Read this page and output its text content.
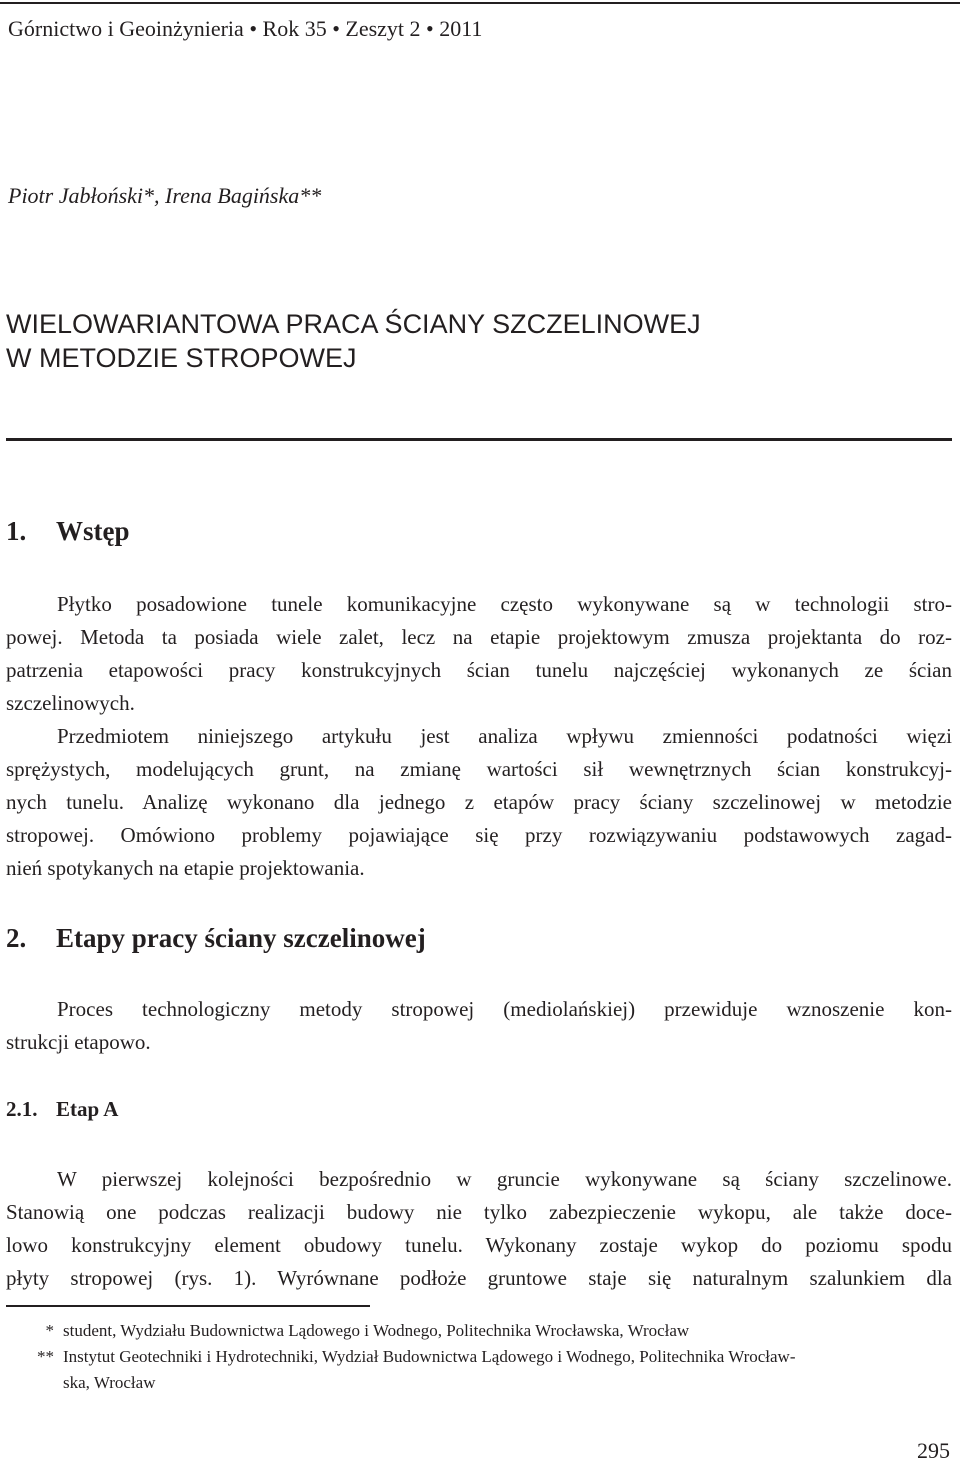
Górnictwo i Geoinżynieria • Rok 35 • Zeszyt 2 • 2011
Piotr Jabłoński*, Irena Bagińska**
WIELOWARIANTOWA PRACA ŚCIANY SZCZELINOWEJ
W METODZIE STROPOWEJ
1. Wstęp
Płytko posadowione tunele komunikacyjne często wykonywane są w technologii stro-
powej. Metoda ta posiada wiele zalet, lecz na etapie projektowym zmusza projektanta do roz-
patrzenia etapowości pracy konstrukcyjnych ścian tunelu najczęściej wykonanych ze ścian
szczelinowych.
Przedmiotem niniejszego artykułu jest analiza wpływu zmienności podatności więzi
sprężystych, modelujących grunt, na zmianę wartości sił wewnętrznych ścian konstrukcyj-
nych tunelu. Analizę wykonano dla jednego z etapów pracy ściany szczelinowej w metodzie
stropowej. Omówiono problemy pojawiające się przy rozwiązywaniu podstawowych zagad-
nień spotykanych na etapie projektowania.
2. Etapy pracy ściany szczelinowej
Proces technologiczny metody stropowej (mediolańskiej) przewiduje wznoszenie kon-
strukcji etapowo.
2.1. Etap A
W pierwszej kolejności bezpośrednio w gruncie wykonywane są ściany szczelinowe.
Stanowią one podczas realizacji budowy nie tylko zabezpieczenie wykopu, ale także doce-
lowo konstrukcyjny element obudowy tunelu. Wykonany zostaje wykop do poziomu spodu
płyty stropowej (rys. 1). Wyrównane podłoże gruntowe staje się naturalnym szalunkiem dla
* student, Wydziału Budownictwa Lądowego i Wodnego, Politechnika Wrocławska, Wrocław
** Instytut Geotechniki i Hydrotechniki, Wydział Budownictwa Lądowego i Wodnego, Politechnika Wrocław-
ska, Wrocław
295
